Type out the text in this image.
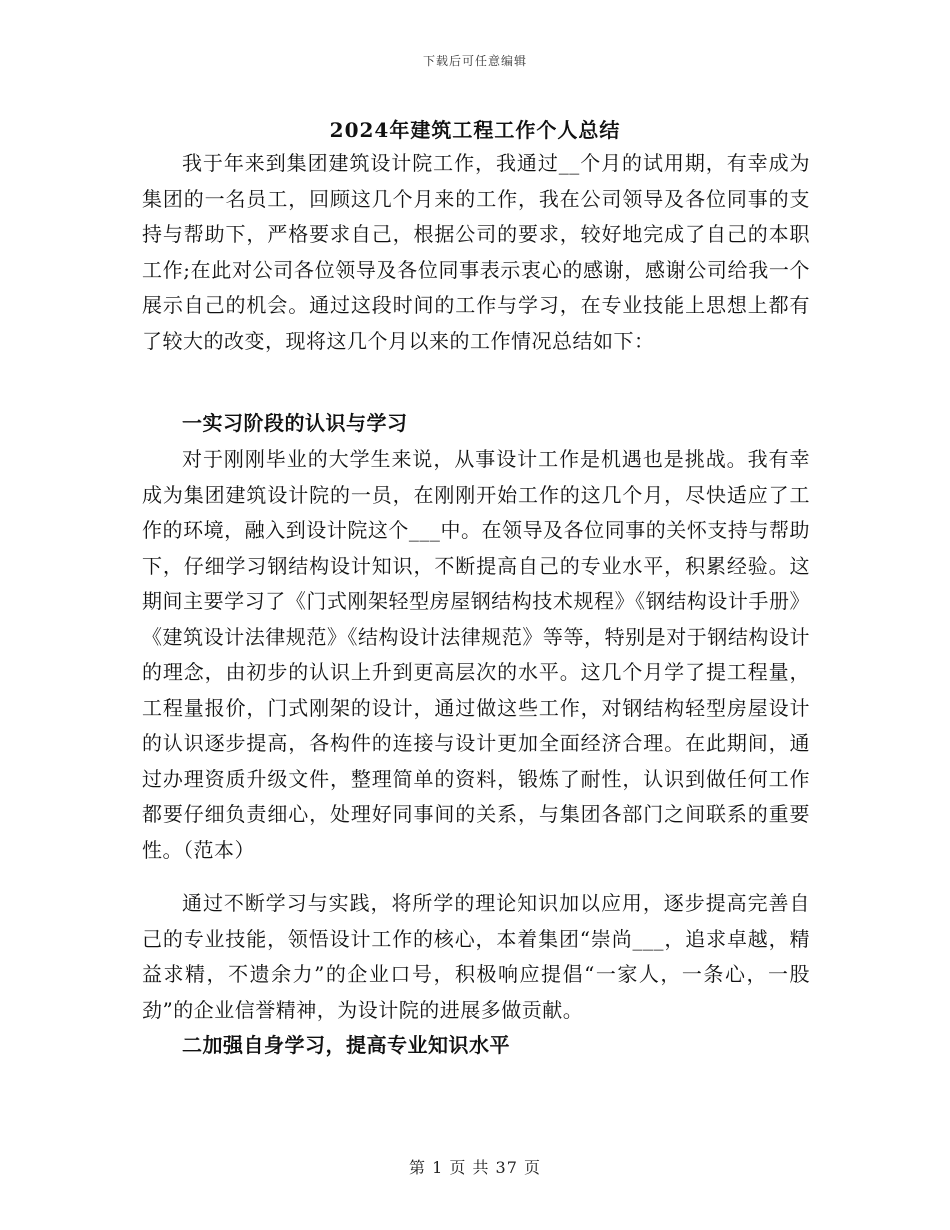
下载后可任意编辑
2024年建筑工程工作个人总结

我于年来到集团建筑设计院工作，我通过__个月的试用期，有幸成为集团的一名员工，回顾这几个月来的工作，我在公司领导及各位同事的支持与帮助下，严格要求自己，根据公司的要求，较好地完成了自己的本职工作;在此对公司各位领导及各位同事表示衷心的感谢，感谢公司给我一个展示自己的机会。通过这段时间的工作与学习，在专业技能上思想上都有了较大的改变，现将这几个月以来的工作情况总结如下：

一实习阶段的认识与学习

对于刚刚毕业的大学生来说，从事设计工作是机遇也是挑战。我有幸成为集团建筑设计院的一员，在刚刚开始工作的这几个月，尽快适应了工作的环境，融入到设计院这个___中。在领导及各位同事的关怀支持与帮助下，仔细学习钢结构设计知识，不断提高自己的专业水平，积累经验。这期间主要学习了《门式刚架轻型房屋钢结构技术规程》《钢结构设计手册》《建筑设计法律规范》《结构设计法律规范》等等，特别是对于钢结构设计的理念，由初步的认识上升到更高层次的水平。这几个月学了提工程量，工程量报价，门式刚架的设计，通过做这些工作，对钢结构轻型房屋设计的认识逐步提高，各构件的连接与设计更加全面经济合理。在此期间，通过办理资质升级文件，整理简单的资料，锻炼了耐性，认识到做任何工作都要仔细负责细心，处理好同事间的关系，与集团各部门之间联系的重要性。（范本）

通过不断学习与实践，将所学的理论知识加以应用，逐步提高完善自己的专业技能，领悟设计工作的核心，本着集团“崇尚___，追求卓越，精益求精，不遗余力”的企业口号，积极响应提倡“一家人，一条心，一股劲”的企业信誉精神，为设计院的进展多做贡献。

二加强自身学习，提高专业知识水平

第 1 页 共 37 页
